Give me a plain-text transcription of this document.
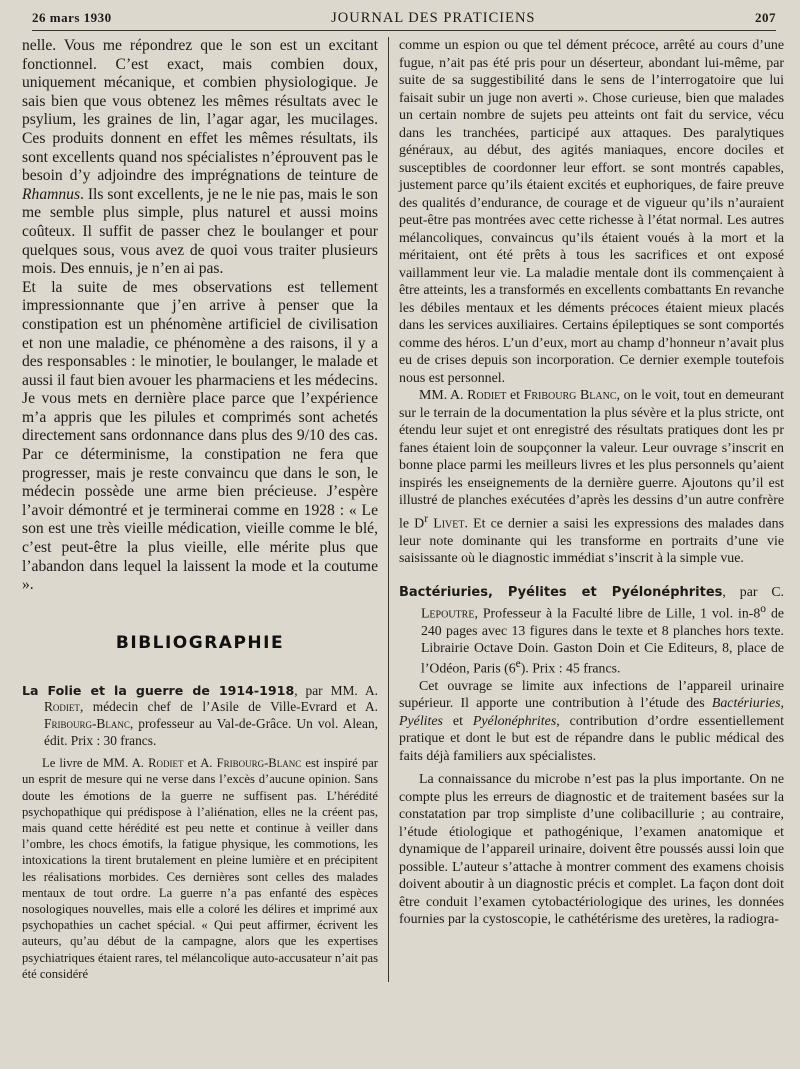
26 mars 1930	JOURNAL DES PRATICIENS	207

nelle. Vous me répondrez que le son est un excitant fonctionnel. C’est exact, mais combien doux, uniquement mécanique, et combien physiologique. Je sais bien que vous obtenez les mêmes résultats avec le psylium, les graines de lin, l’agar agar, les mucilages. Ces produits donnent en effet les mêmes résultats, ils sont excellents quand nos spécialistes n’éprouvent pas le besoin d’y adjoindre des imprégnations de teinture de Rhamnus. Ils sont excellents, je ne le nie pas, mais le son me semble plus simple, plus naturel et aussi moins coûteux. Il suffit de passer chez le boulanger et pour quelques sous, vous avez de quoi vous traiter plusieurs mois. Des ennuis, je n’en ai pas.

Et la suite de mes observations est tellement impressionnante que j’en arrive à penser que la constipation est un phénomène artificiel de civilisation et non une maladie, ce phénomène a des raisons, il y a des responsables : le minotier, le boulanger, le malade et aussi il faut bien avouer les pharmaciens et les médecins. Je vous mets en dernière place parce que l’expérience m’a appris que les pilules et comprimés sont achetés directement sans ordonnance dans plus des 9/10 des cas. Par ce déterminisme, la constipation ne fera que progresser, mais je reste convaincu que dans le son, le médecin possède une arme bien précieuse. J’espère l’avoir démontré et je terminerai comme en 1928 : « Le son est une très vieille médication, vieille comme le blé, c’est peut-être la plus vieille, elle mérite plus que l’abandon dans lequel la laissent la mode et la coutume ».

BIBLIOGRAPHIE

La Folie et la guerre de 1914-1918, par MM. A. Rodiet, médecin chef de l’Asile de Ville-Evrard et A. Fribourg-Blanc, professeur au Val-de-Grâce. Un vol. Alean, édit. Prix : 30 francs.

Le livre de MM. A. Rodiet et A. Fribourg-Blanc est inspiré par un esprit de mesure qui ne verse dans l’excès d’aucune opinion. Sans doute les émotions de la guerre ne suffisent pas. L’hérédité psychopathique qui prédispose à l’aliénation, elles ne la créent pas, mais quand cette hérédité est peu nette et continue à veiller dans l’ombre, les chocs émotifs, la fatigue physique, les commotions, les intoxications la tirent brutalement en pleine lumière et en précipitent les réalisations morbides. Ces dernières sont celles des malades mentaux de tout ordre. La guerre n’a pas enfanté des espèces nosologiques nouvelles, mais elle a coloré les délires et imprimé aux psychopathies un cachet spécial. « Qui peut affirmer, écrivent les auteurs, qu’au début de la campagne, alors que les expertises psychiatriques étaient rares, tel mélancolique auto-accusateur n’ait pas été considéré

comme un espion ou que tel dément précoce, arrêté au cours d’une fugue, n’ait pas été pris pour un déserteur, abondant lui-même, par suite de sa suggestibilité dans le sens de l’interrogatoire que lui faisait subir un juge non averti ». Chose curieuse, bien que malades un certain nombre de sujets peu atteints ont fait du service, vécu dans les tranchées, participé aux attaques. Des paralytiques généraux, au début, des agités maniaques, encore dociles et susceptibles de coordonner leur effort. se sont montrés capables, justement parce qu’ils étaient excités et euphoriques, de faire preuve des qualités d’endurance, de courage et de vigueur qu’ils n’auraient peut-être pas montrées avec cette richesse à l’état normal. Les autres mélancoliques, convaincus qu’ils étaient voués à la mort et la méritaient, ont été prêts à tous les sacrifices et ont exposé vaillamment leur vie. La maladie mentale dont ils commençaient à être atteints, les a transformés en excellents combattants En revanche les débiles mentaux et les déments précoces étaient mieux placés dans les services auxiliaires. Certains épileptiques se sont comportés comme des héros. L’un d’eux, mort au champ d’honneur n’avait plus eu de crises depuis son incorporation. Ce dernier exemple toutefois nous est personnel.

MM. A. Rodiet et Fribourg Blanc, on le voit, tout en demeurant sur le terrain de la documentation la plus sévère et la plus stricte, ont étendu leur sujet et ont enregistré des résultats pratiques dont les pr fanes étaient loin de soupçonner la valeur. Leur ouvrage s’inscrit en bonne place parmi les meilleurs livres et les plus personnels qu’aient inspirés les enseignements de la dernière guerre. Ajoutons qu’il est illustré de planches exécutées d’après les dessins d’un autre confrère le $D^r$ Livet. Et ce dernier a saisi les expressions des malades dans leur note dominante qui les transforme en portraits d’une vie saisissante où le diagnostic immédiat s’inscrit à la simple vue.

Bactériuries, Pyélites et Pyélonéphrites, par C. Lepoutre, Professeur à la Faculté libre de Lille, 1 vol. in-8$^o$ de 240 pages avec 13 figures dans le texte et 8 planches hors texte. Librairie Octave Doin. Gaston Doin et Cie Editeurs, 8, place de l’Odéon, Paris (6e). Prix : 45 francs.

Cet ouvrage se limite aux infections de l’appareil urinaire supérieur. Il apporte une contribution à l’étude des Bactériuries, Pyélites et Pyélonéphrites, contribution d’ordre essentiellement pratique et dont le but est de répandre dans le public médical des faits déjà familiers aux spécialistes.

La connaissance du microbe n’est pas la plus importante. On ne compte plus les erreurs de diagnostic et de traitement basées sur la constatation par trop simpliste d’une colibacillurie ; au contraire, l’étude étiologique et pathogénique, l’examen anatomique et dynamique de l’appareil urinaire, doivent être poussés aussi loin que possible. L’auteur s’attache à montrer comment des examens choisis doivent aboutir à un diagnostic précis et complet. La façon dont doit être conduit l’examen cytobactériologique des urines, les données fournies par la cystoscopie, le cathétérisme des uretères, la radiogra-
